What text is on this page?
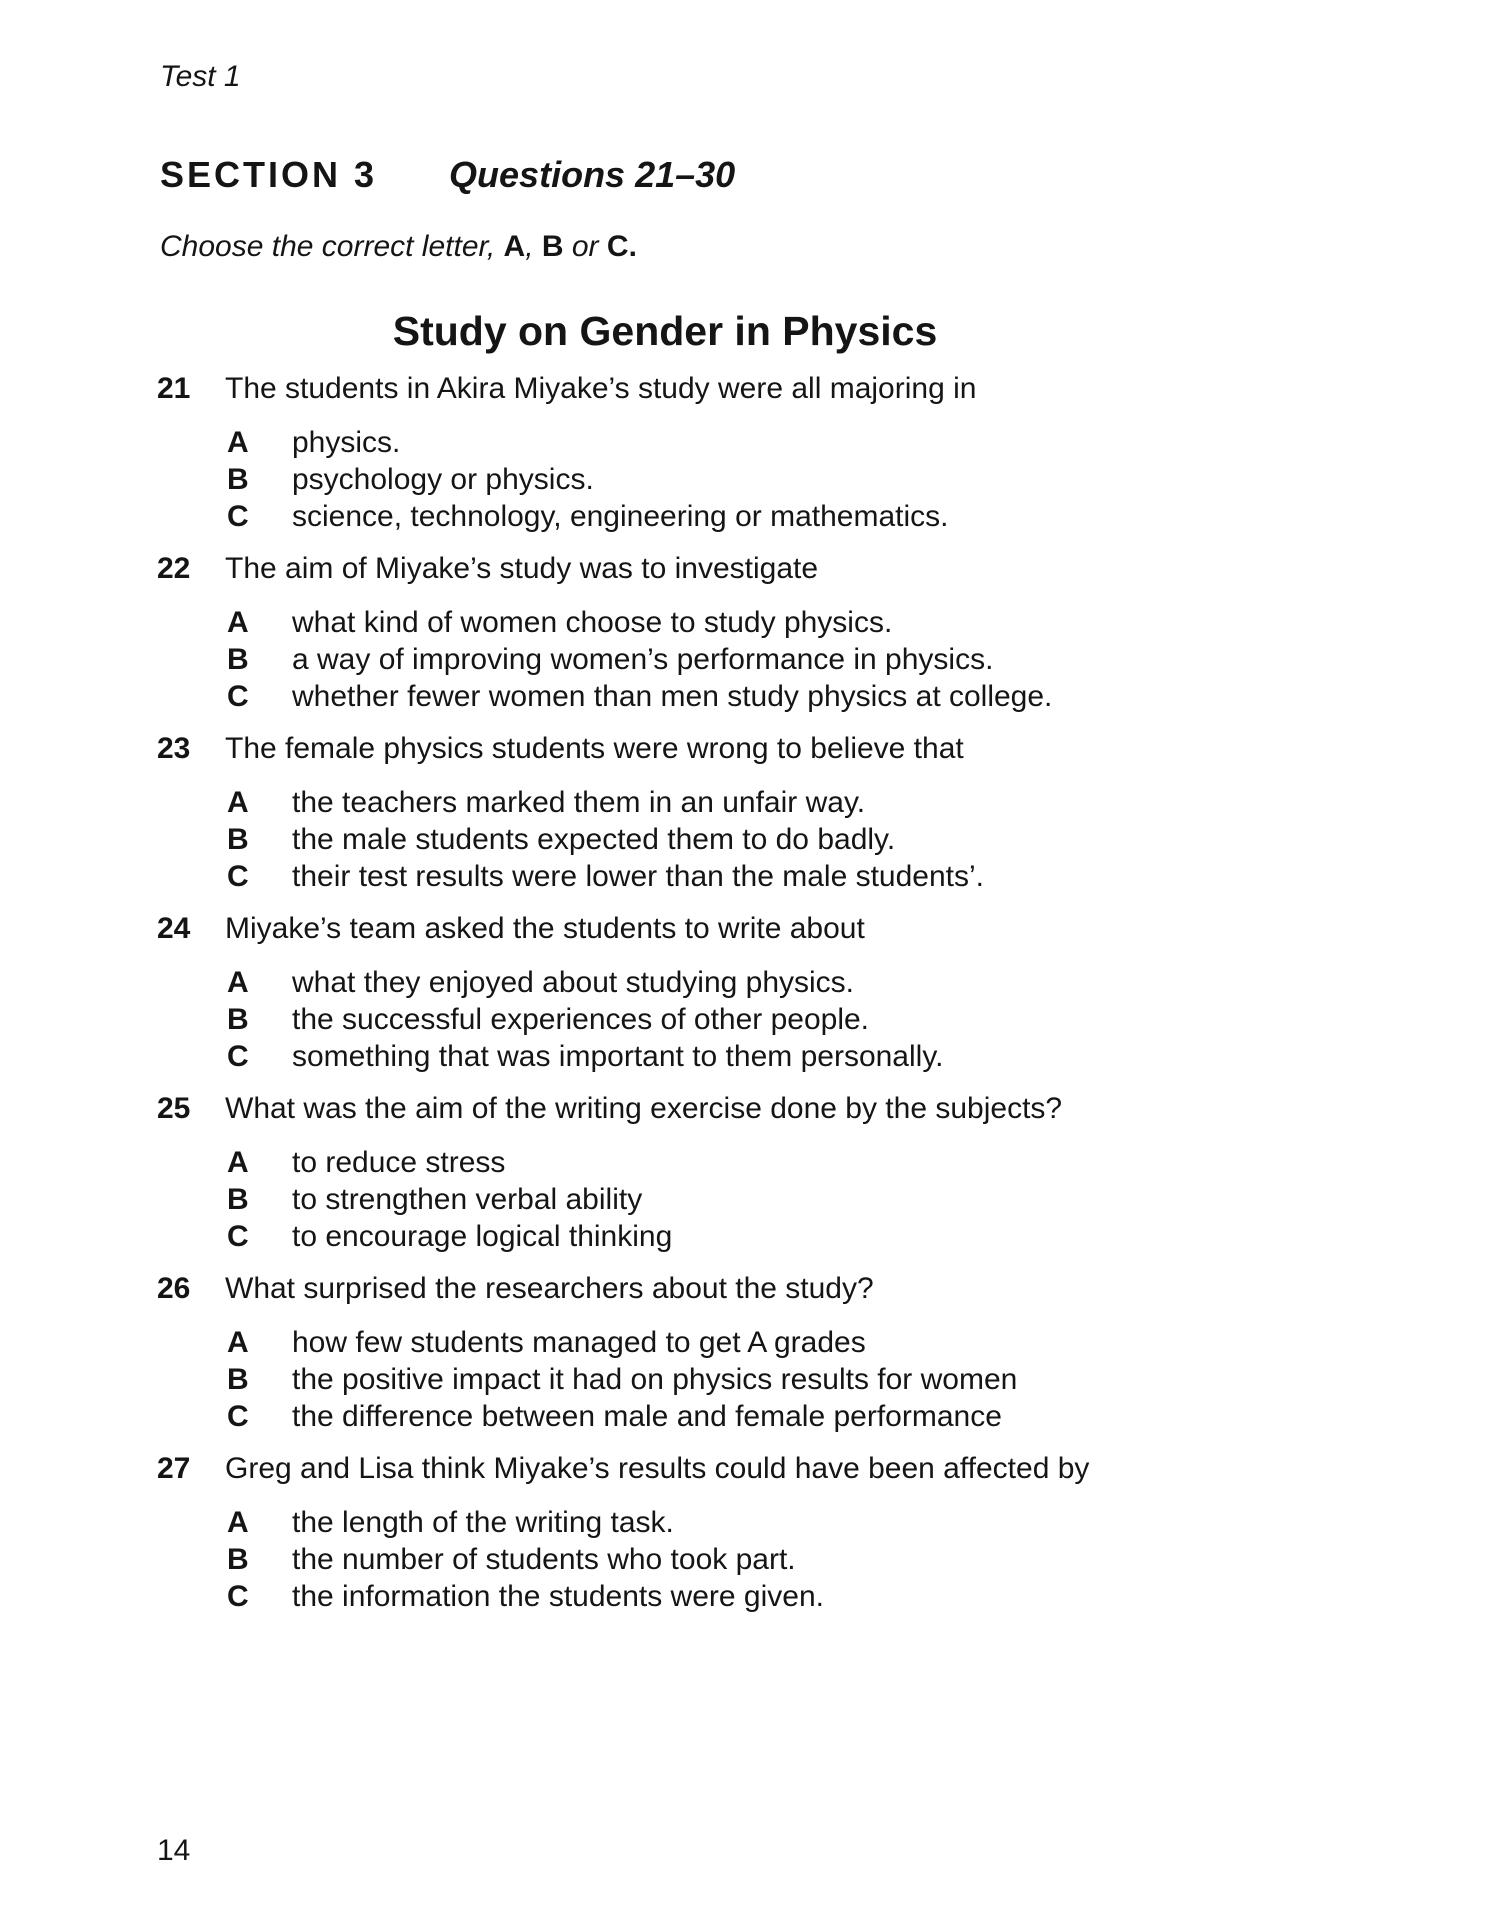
Test 1
SECTION 3 Questions 21–30
Choose the correct letter, A, B or C.
Study on Gender in Physics
21 The students in Akira Miyake’s study were all majoring in
A physics.
B psychology or physics.
C science, technology, engineering or mathematics.
22 The aim of Miyake’s study was to investigate
A what kind of women choose to study physics.
B a way of improving women’s performance in physics.
C whether fewer women than men study physics at college.
23 The female physics students were wrong to believe that
A the teachers marked them in an unfair way.
B the male students expected them to do badly.
C their test results were lower than the male students’.
24 Miyake’s team asked the students to write about
A what they enjoyed about studying physics.
B the successful experiences of other people.
C something that was important to them personally.
25 What was the aim of the writing exercise done by the subjects?
A to reduce stress
B to strengthen verbal ability
C to encourage logical thinking
26 What surprised the researchers about the study?
A how few students managed to get A grades
B the positive impact it had on physics results for women
C the difference between male and female performance
27 Greg and Lisa think Miyake’s results could have been affected by
A the length of the writing task.
B the number of students who took part.
C the information the students were given.
14
